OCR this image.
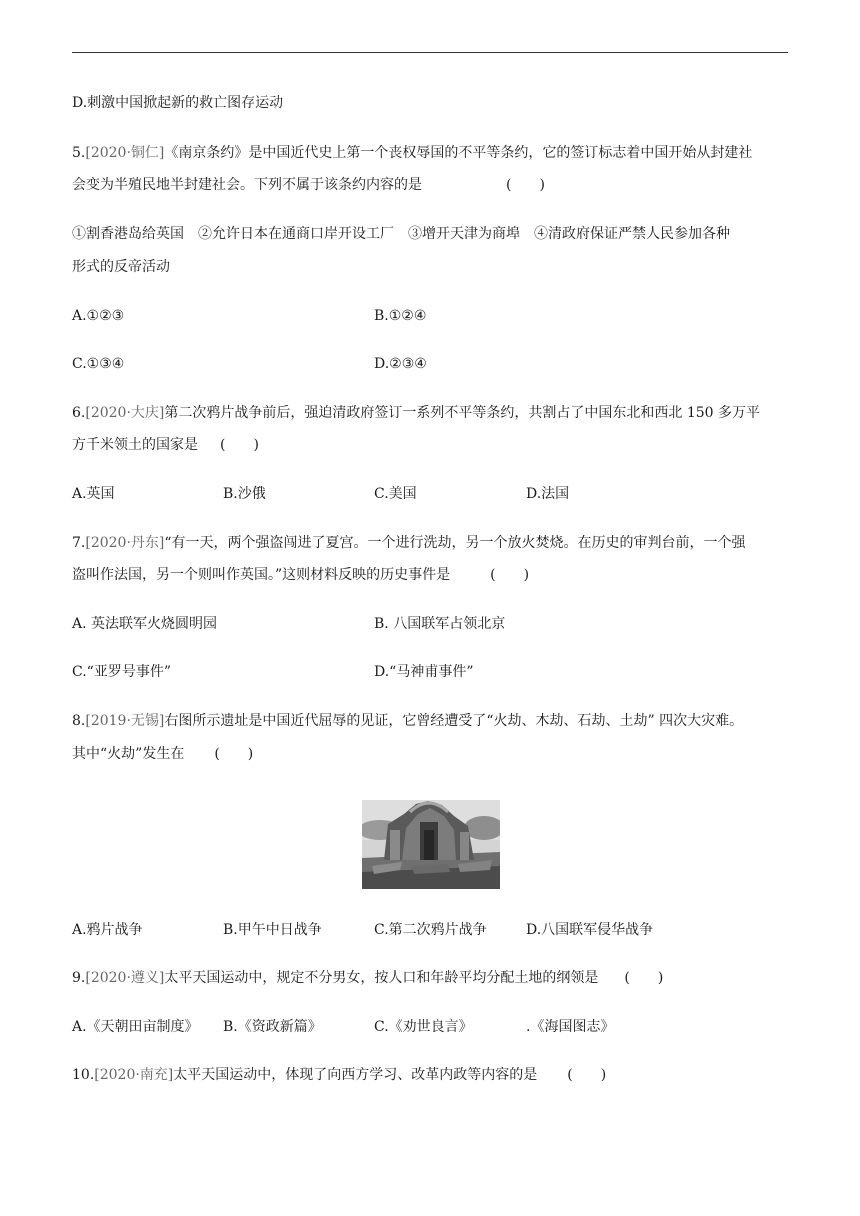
D.刺激中国掀起新的救亡图存运动
5.[2020·铜仁]《南京条约》是中国近代史上第一个丧权辱国的不平等条约，它的签订标志着中国开始从封建社
会变为半殖民地半封建社会。下列不属于该条约内容的是	(　　)
①割香港岛给英国　②允许日本在通商口岸开设工厂　③增开天津为商埠　④清政府保证严禁人民参加各种
形式的反帝活动
A.①②③	B.①②④
C.①③④	D.②③④
6.[2020·大庆]第二次鸦片战争前后，强迫清政府签订一系列不平等条约，共割占了中国东北和西北 150 多万平
方千米领土的国家是 (　　)
A.英国	B.沙俄	C.美国	D.法国
7.[2020·丹东]“有一天，两个强盗闯进了夏宫。一个进行洗劫，另一个放火焚烧。在历史的审判台前，一个强
盗叫作法国，另一个则叫作英国。”这则材料反映的历史事件是	(　　)
A. 英法联军火烧圆明园	B. 八国联军占领北京
C.“亚罗号事件”	D.“马神甫事件”
8.[2019·无锡]右图所示遗址是中国近代屈辱的见证，它曾经遭受了“火劫、木劫、石劫、土劫” 四次大灾难。
其中“火劫”发生在 (　　)
A.鸦片战争	B.甲午中日战争	C.第二次鸦片战争	D.八国联军侵华战争
9.[2020·遵义]太平天国运动中，规定不分男女，按人口和年龄平均分配土地的纲领是 (　　)
A.《天朝田亩制度》 B.《资政新篇》	C.《劝世良言》	.《海国图志》
10.[2020·南充]太平天国运动中，体现了向西方学习、改革内政等内容的是 (　　)
